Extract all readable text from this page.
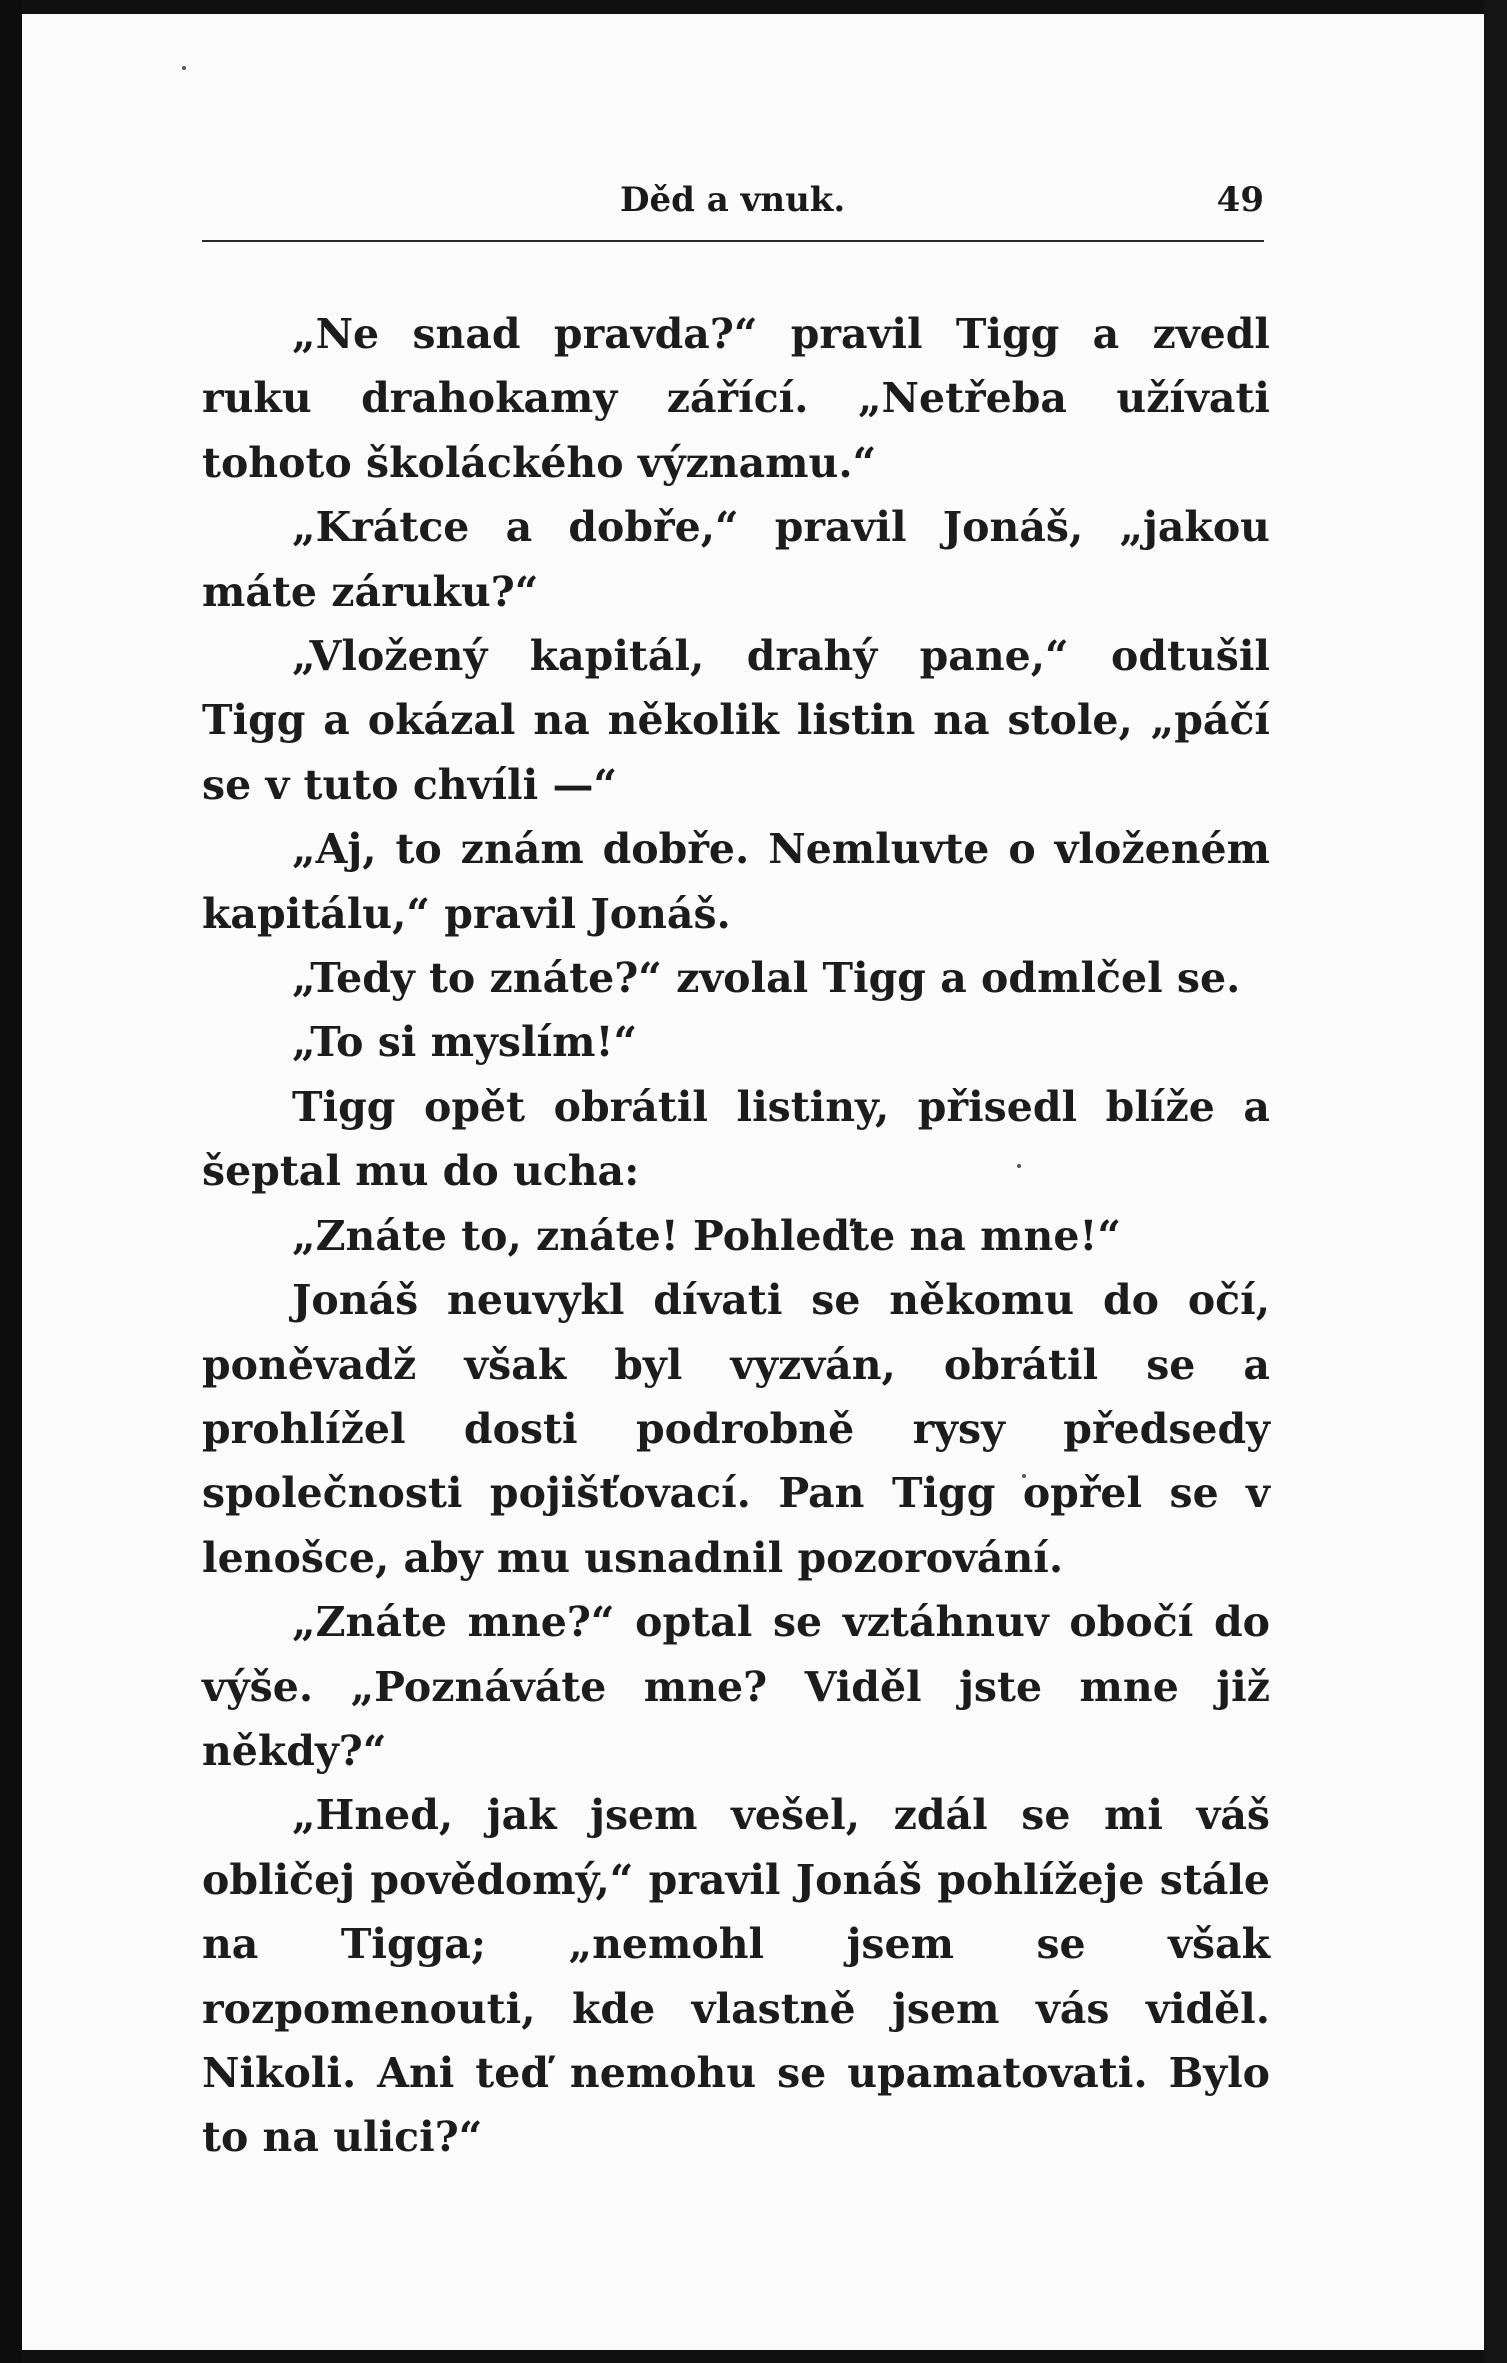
Děd a vnuk.	49

„Ne snad pravda?“ pravil Tigg a zvedl ruku drahokamy zářící. „Netřeba užívati tohoto školáckého významu.“

„Krátce a dobře,“ pravil Jonáš, „jakou máte záruku?“

„Vložený kapitál, drahý pane,“ odtušil Tigg a okázal na několik listin na stole, „páčí se v tuto chvíli —“

„Aj, to znám dobře. Nemluvte o vloženém kapitálu,“ pravil Jonáš.

„Tedy to znáte?“ zvolal Tigg a odmlčel se.

„To si myslím!“

Tigg opět obrátil listiny, přisedl blíže a šeptal mu do ucha:

„Znáte to, znáte! Pohleďte na mne!“

Jonáš neuvykl dívati se někomu do očí, poněvadž však byl vyzván, obrátil se a prohlížel dosti podrobně rysy předsedy společnosti pojišťovací. Pan Tigg opřel se v lenošce, aby mu usnadnil pozorování.

„Znáte mne?“ optal se vztáhnuv obočí do výše. „Poznáváte mne? Viděl jste mne již někdy?“

„Hned, jak jsem vešel, zdál se mi váš obličej povědomý,“ pravil Jonáš pohlížeje stále na Tigga; „nemohl jsem se však rozpomenouti, kde vlastně jsem vás viděl. Nikoli. Ani teď nemohu se upamatovati. Bylo to na ulici?“
